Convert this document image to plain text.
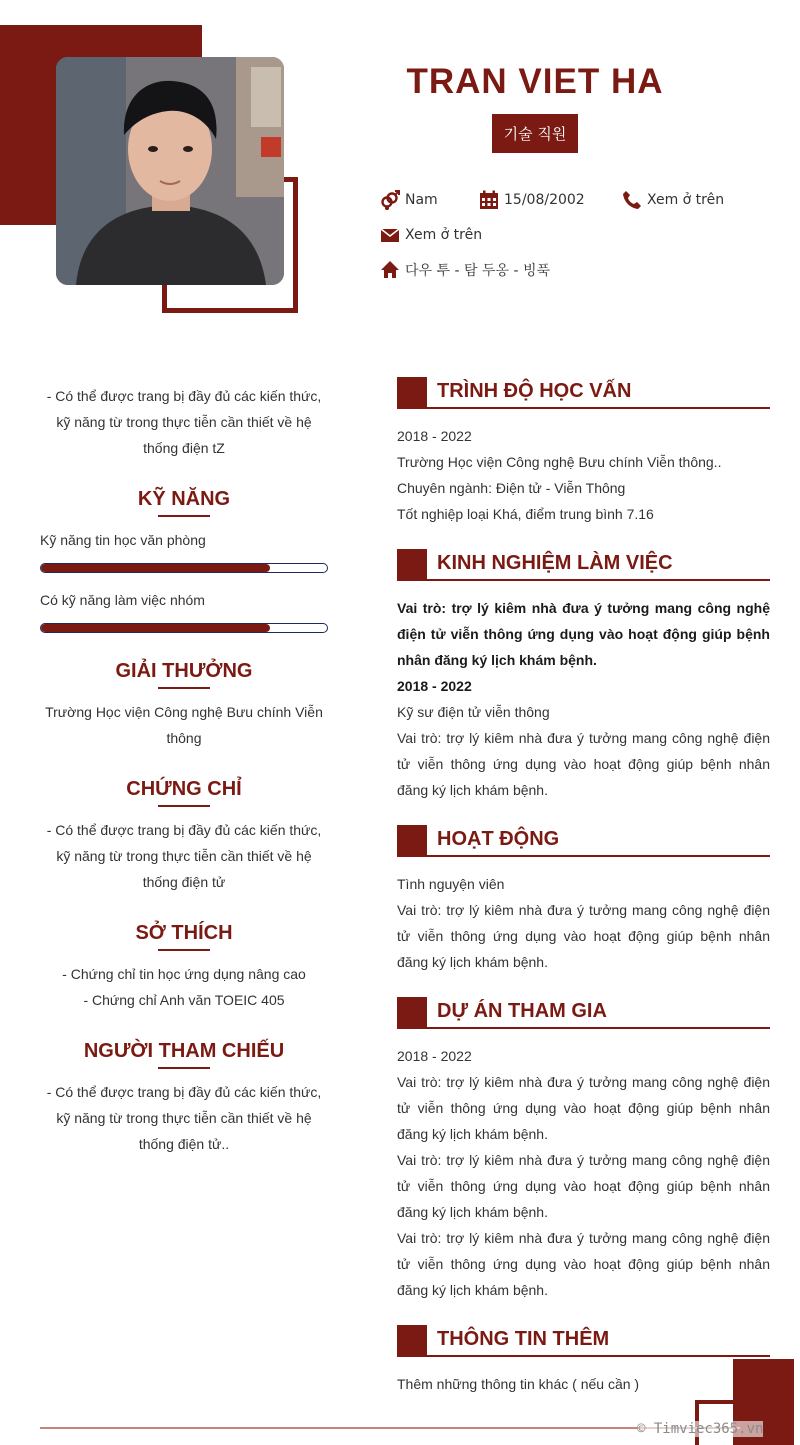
TRAN VIET HA
기술 직원
Nam	15/08/2002	Xem ở trên
Xem ở trên
다우 투 - 탐 두옹 - 빙푹
- Có thể được trang bị đầy đủ các kiến thức, kỹ năng từ trong thực tiễn cần thiết về hệ thống điện tZ
KỸ NĂNG
Kỹ năng tin học văn phòng
Có kỹ năng làm việc nhóm
GIẢI THƯỞNG
Trường Học viện Công nghệ Bưu chính Viễn thông
CHỨNG CHỈ
- Có thể được trang bị đầy đủ các kiến thức, kỹ năng từ trong thực tiễn cần thiết về hệ thống điện tử
SỞ THÍCH
- Chứng chỉ tin học ứng dụng nâng cao
- Chứng chỉ Anh văn TOEIC 405
NGƯỜI THAM CHIẾU
- Có thể được trang bị đầy đủ các kiến thức, kỹ năng từ trong thực tiễn cần thiết về hệ thống điện tử..
TRÌNH ĐỘ HỌC VẤN
2018 - 2022
Trường Học viện Công nghệ Bưu chính Viễn thông..
Chuyên ngành: Điện tử - Viễn Thông
Tốt nghiệp loại Khá, điểm trung bình 7.16
KINH NGHIỆM LÀM VIỆC
Vai trò: trợ lý kiêm nhà đưa ý tưởng mang công nghệ điện tử viễn thông ứng dụng vào hoạt động giúp bệnh nhân đăng ký lịch khám bệnh.
2018 - 2022
Kỹ sư điện tử viễn thông
Vai trò: trợ lý kiêm nhà đưa ý tưởng mang công nghệ điện tử viễn thông ứng dụng vào hoạt động giúp bệnh nhân đăng ký lịch khám bệnh.
HOẠT ĐỘNG
Tình nguyện viên
Vai trò: trợ lý kiêm nhà đưa ý tưởng mang công nghệ điện tử viễn thông ứng dụng vào hoạt động giúp bệnh nhân đăng ký lịch khám bệnh.
DỰ ÁN THAM GIA
2018 - 2022
Vai trò: trợ lý kiêm nhà đưa ý tưởng mang công nghệ điện tử viễn thông ứng dụng vào hoạt động giúp bệnh nhân đăng ký lịch khám bệnh.
Vai trò: trợ lý kiêm nhà đưa ý tưởng mang công nghệ điện tử viễn thông ứng dụng vào hoạt động giúp bệnh nhân đăng ký lịch khám bệnh.
Vai trò: trợ lý kiêm nhà đưa ý tưởng mang công nghệ điện tử viễn thông ứng dụng vào hoạt động giúp bệnh nhân đăng ký lịch khám bệnh.
THÔNG TIN THÊM
Thêm những thông tin khác ( nếu cần )
© Timviec365.vn
